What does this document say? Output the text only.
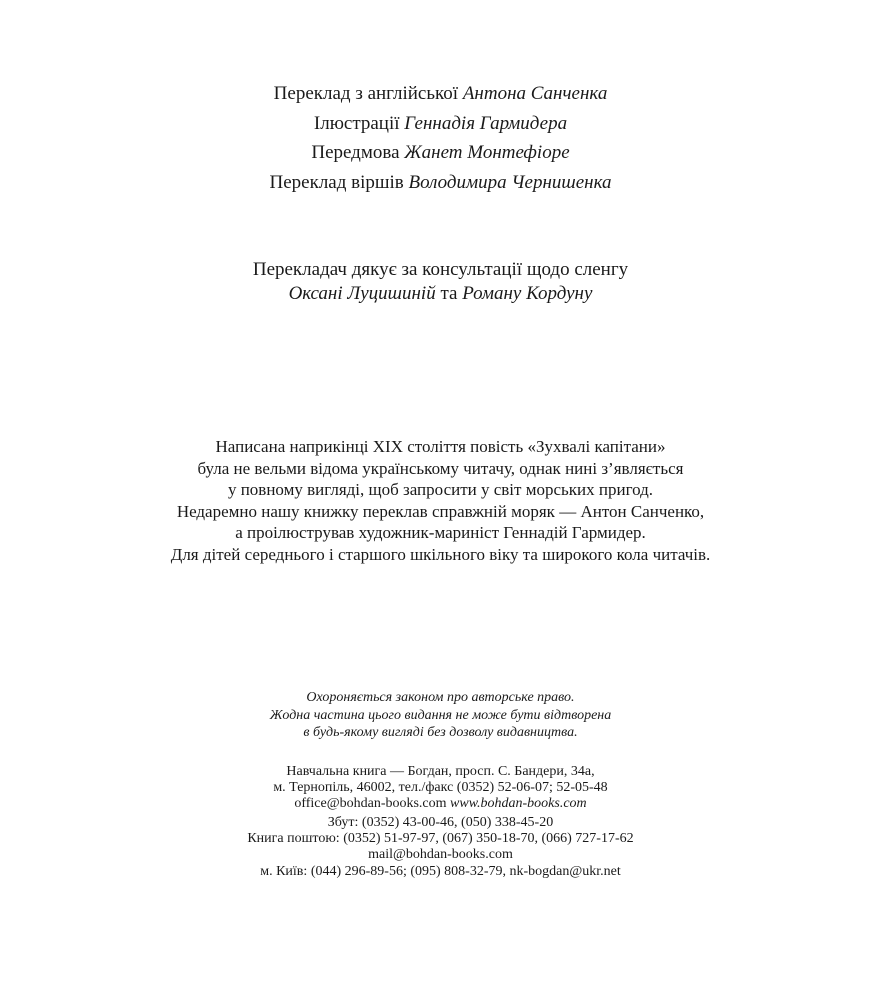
Переклад з англійської Антона Санченка
Ілюстрації Геннадія Гармидера
Передмова Жанет Монтефіоре
Переклад віршів Володимира Чернишенка
Перекладач дякує за консультації щодо сленгу
Оксані Луцишиній та Роману Кордуну
Написана наприкінці XIX століття повість «Зухвалі капітани»
була не вельми відома українському читачу, однак нині з’являється
у повному вигляді, щоб запросити у світ морських пригод.
Недаремно нашу книжку переклав справжній моряк — Антон Санченко,
а проілюстрував художник-мариніст Геннадій Гармидер.
Для дітей середнього і старшого шкільного віку та широкого кола читачів.
Охороняється законом про авторське право.
Жодна частина цього видання не може бути відтворена
в будь-якому вигляді без дозволу видавництва.
Навчальна книга — Богдан, просп. С. Бандери, 34а,
м. Тернопіль, 46002, тел./факс (0352) 52-06-07; 52-05-48
office@bohdan-books.com www.bohdan-books.com
Збут: (0352) 43-00-46, (050) 338-45-20
Книга поштою: (0352) 51-97-97, (067) 350-18-70, (066) 727-17-62
mail@bohdan-books.com
м. Київ: (044) 296-89-56; (095) 808-32-79, nk-bogdan@ukr.net
